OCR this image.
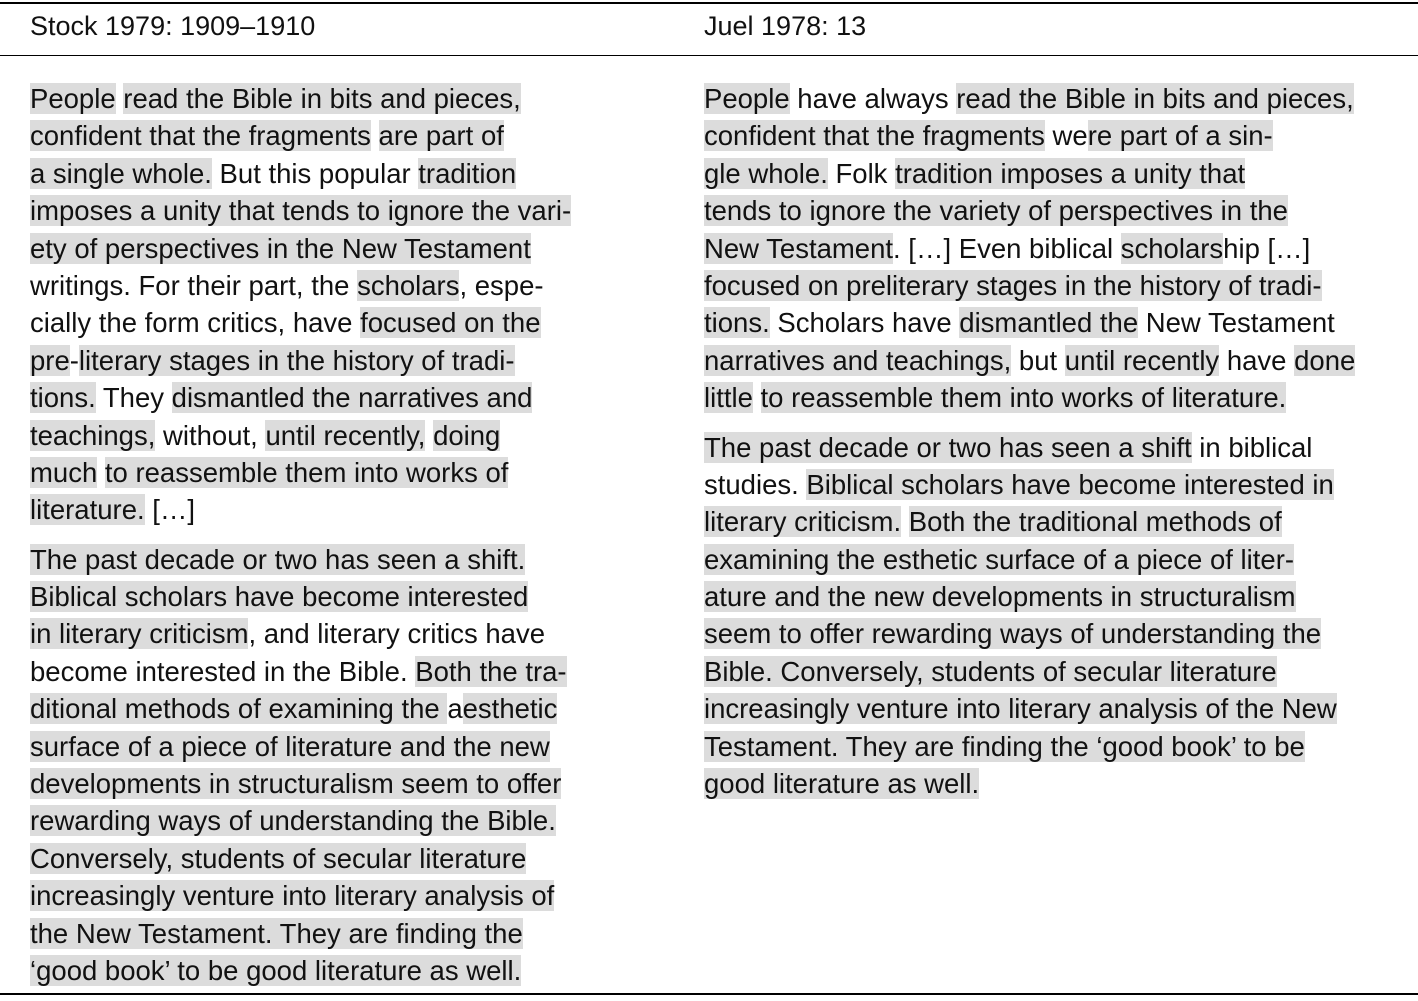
Stock 1979: 1909–1910	Juel 1978: 13
People read the Bible in bits and pieces,
confident that the fragments are part of
a single whole. But this popular tradition
imposes a unity that tends to ignore the vari-
ety of perspectives in the New Testament
writings. For their part, the scholars, espe-
cially the form critics, have focused on the
pre-literary stages in the history of tradi-
tions. They dismantled the narratives and
teachings, without, until recently, doing
much to reassemble them into works of
literature. […]
The past decade or two has seen a shift.
Biblical scholars have become interested
in literary criticism, and literary critics have
become interested in the Bible. Both the tra-
ditional methods of examining the aesthetic
surface of a piece of literature and the new
developments in structuralism seem to offer
rewarding ways of understanding the Bible.
Conversely, students of secular literature
increasingly venture into literary analysis of
the New Testament. They are finding the
‘good book’ to be good literature as well.
People have always read the Bible in bits and pieces,
confident that the fragments were part of a sin-
gle whole. Folk tradition imposes a unity that
tends to ignore the variety of perspectives in the
New Testament. […] Even biblical scholarship […]
focused on preliterary stages in the history of tradi-
tions. Scholars have dismantled the New Testament
narratives and teachings, but until recently have done
little to reassemble them into works of literature.
The past decade or two has seen a shift in biblical
studies. Biblical scholars have become interested in
literary criticism. Both the traditional methods of
examining the esthetic surface of a piece of liter-
ature and the new developments in structuralism
seem to offer rewarding ways of understanding the
Bible. Conversely, students of secular literature
increasingly venture into literary analysis of the New
Testament. They are finding the ‘good book’ to be
good literature as well.
